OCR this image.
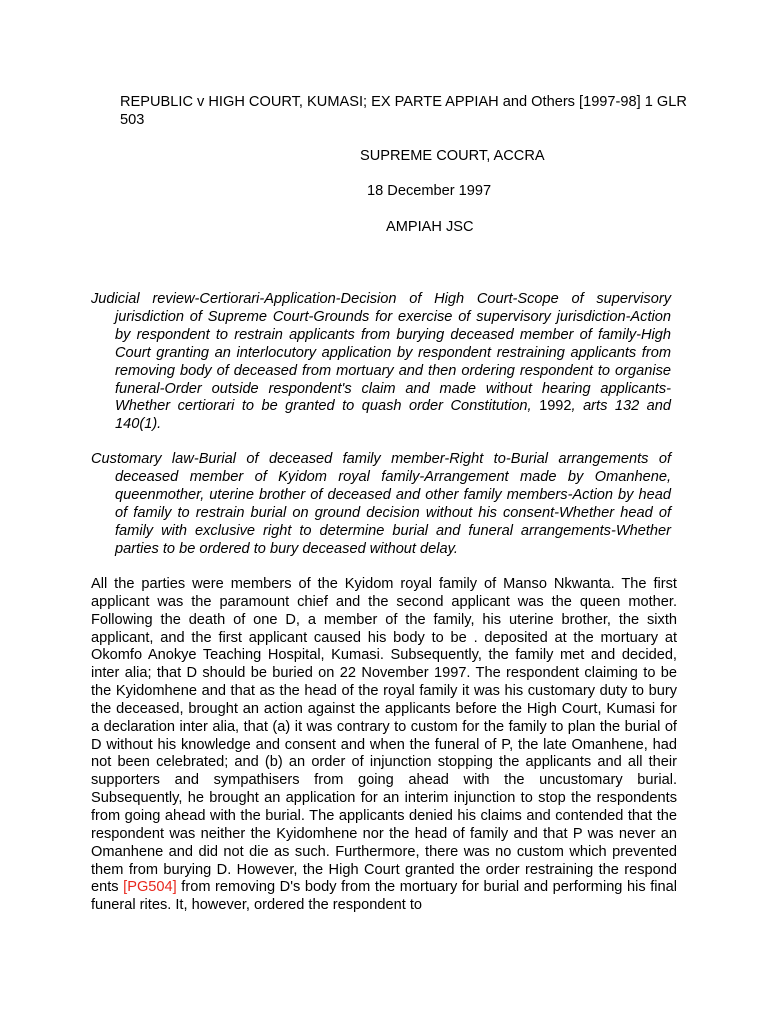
REPUBLIC v HIGH COURT, KUMASI; EX PARTE APPIAH and Others [1997-98] 1 GLR 503
SUPREME COURT, ACCRA
18 December 1997
AMPIAH JSC
Judicial review-Certiorari-Application-Decision of High Court-Scope of supervisory jurisdiction of Supreme Court-Grounds for exercise of supervisory jurisdiction-Action by respondent to restrain applicants from burying deceased member of family-High Court granting an interlocutory application by respondent restraining applicants from removing body of deceased from mortuary and then ordering respondent to organise funeral-Order outside respondent's claim and made without hearing applicants-Whether certiorari to be granted to quash order Constitution, 1992, arts 132 and 140(1).
Customary law-Burial of deceased family member-Right to-Burial arrangements of deceased member of Kyidom royal family-Arrangement made by Omanhene, queenmother, uterine brother of deceased and other family members-Action by head of family to restrain burial on ground decision without his consent-Whether head of family with exclusive right to determine burial and funeral arrangements-Whether parties to be ordered to bury deceased without delay.
All the parties were members of the Kyidom royal family of Manso Nkwanta. The first applicant was the paramount chief and the second applicant was the queen mother. Following the death of one D, a member of the family, his uterine brother, the sixth applicant, and the first applicant caused his body to be . deposited at the mortuary at Okomfo Anokye Teaching Hospital, Kumasi. Subsequently, the family met and decided, inter alia; that D should be buried on 22 November 1997. The respondent claiming to be the Kyidomhene and that as the head of the royal family it was his customary duty to bury the deceased, brought an action against the applicants before the High Court, Kumasi for a declaration inter alia, that (a) it was contrary to custom for the family to plan the burial of D without his knowledge and consent and when the funeral of P, the late Omanhene, had not been celebrated; and (b) an order of injunction stopping the applicants and all their supporters and sympathisers from going ahead with the uncustomary burial. Subsequently, he brought an application for an interim injunction to stop the respondents from going ahead with the burial. The applicants denied his claims and contended that the respondent was neither the Kyidomhene nor the head of family and that P was never an Omanhene and did not die as such. Furthermore, there was no custom which prevented them from burying D. However, the High Court granted the order restraining the respond ents [PG504] from removing D's body from the mortuary for burial and performing his final funeral rites. It, however, ordered the respondent to
